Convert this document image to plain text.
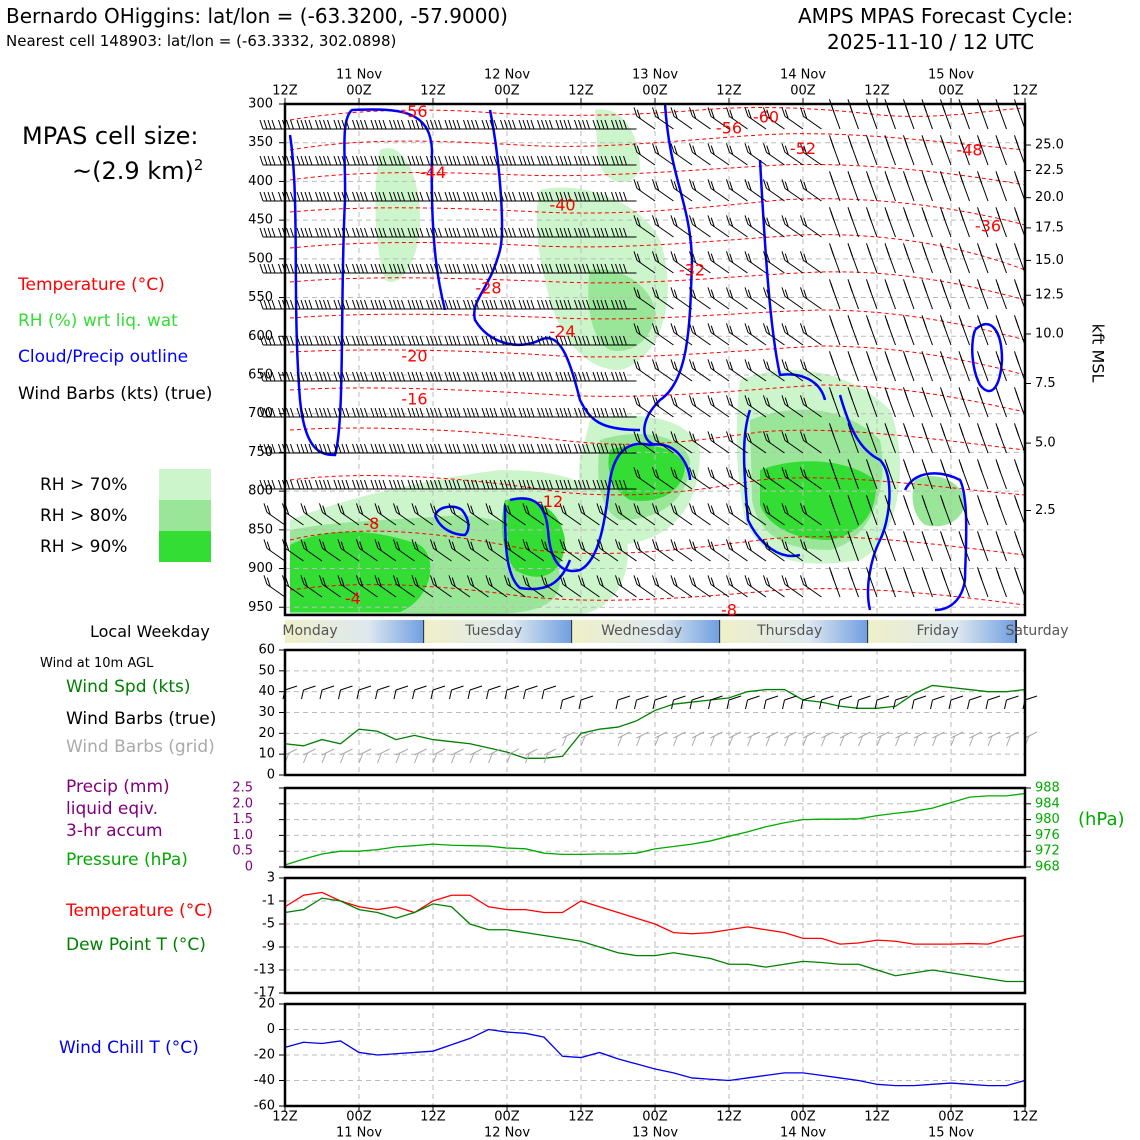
Bernardo OHiggins: lat/lon = (-63.3200, -57.9000)
Nearest cell 148903: lat/lon = (-63.3332, 302.0898)
AMPS MPAS Forecast Cycle:
2025-11-10 / 12 UTC
MPAS cell size:
~(2.9 km)$^2$
Temperature (°C)
RH (%) wrt liq. wat
Cloud/Precip outline
Wind Barbs (kts) (true)
RH > 70%
RH > 80%
RH > 90%
Local Weekday
Wind at 10m AGL
Wind Spd (kts)
Wind Barbs (true)
Wind Barbs (grid)
Precip (mm)
liquid eqiv.
3-hr accum
Pressure (hPa)
Temperature (°C)
Dew Point T (°C)
Wind Chill T (°C)
300
350
400
450
500
550
600
650
700
750
800
850
900
950
25.0
22.5
20.0
17.5
15.0
12.5
10.0
7.5
5.0
2.5
kft MSL
12Z	00Z
11 Nov
12Z	00Z
12 Nov
12Z	00Z
13 Nov
12Z	00Z
14 Nov
12Z	00Z
15 Nov
12Z
-56	-60
-56
-52	-48
-44
-40
-36
-32
-28
-24
-20
-16
-12
-8
-4
-8
Monday	Tuesday	Wednesday	Thursday	Friday	Saturday
0
10
20
30
40
50
60
0
0.5
1.0
1.5
2.0
2.5
968
972
976
980
984
988
(hPa)
3
-1
-5
-9
-13
-17
20
0
-20
-40
-60
12Z	00Z
11 Nov
12Z	00Z
12 Nov
12Z	00Z
13 Nov
12Z	00Z
14 Nov
12Z	00Z
15 Nov
12Z
